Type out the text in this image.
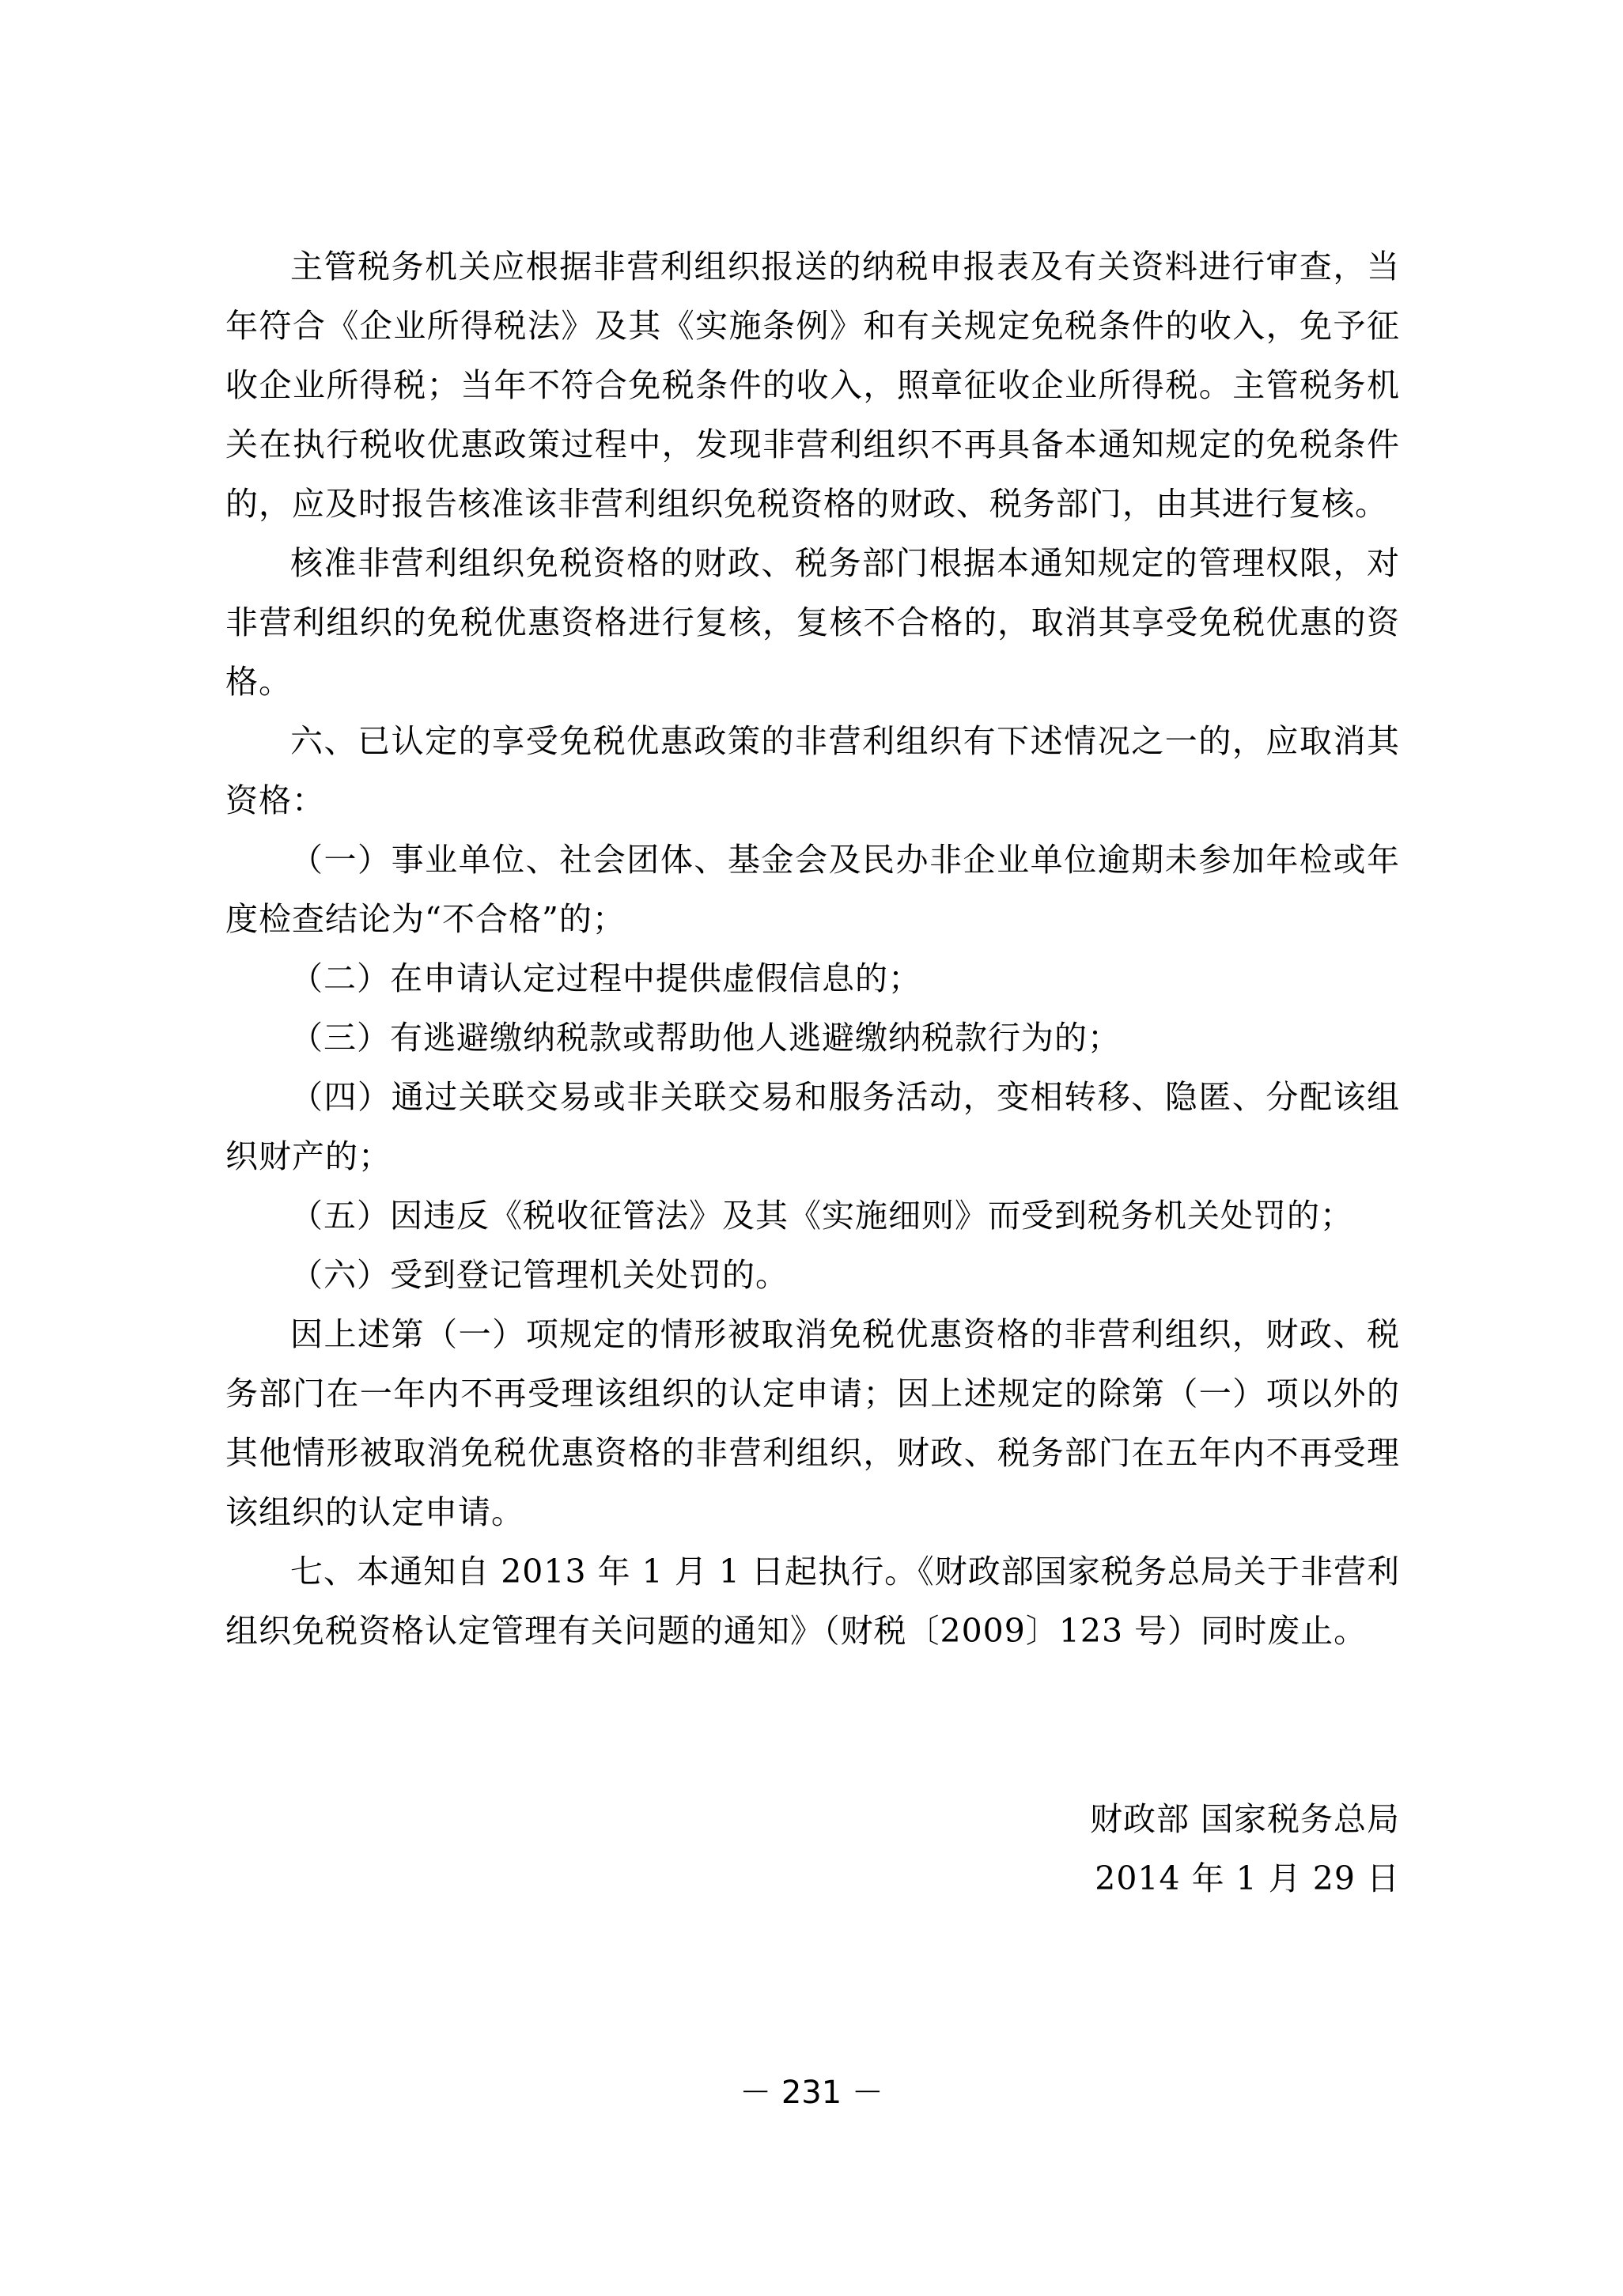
主管税务机关应根据非营利组织报送的纳税申报表及有关资料进行审查，当年符合《企业所得税法》及其《实施条例》和有关规定免税条件的收入，免予征收企业所得税；当年不符合免税条件的收入，照章征收企业所得税。主管税务机关在执行税收优惠政策过程中，发现非营利组织不再具备本通知规定的免税条件的，应及时报告核准该非营利组织免税资格的财政、税务部门，由其进行复核。

核准非营利组织免税资格的财政、税务部门根据本通知规定的管理权限，对非营利组织的免税优惠资格进行复核，复核不合格的，取消其享受免税优惠的资格。

六、已认定的享受免税优惠政策的非营利组织有下述情况之一的，应取消其资格：

（一）事业单位、社会团体、基金会及民办非企业单位逾期未参加年检或年度检查结论为“不合格”的；

（二）在申请认定过程中提供虚假信息的；

（三）有逃避缴纳税款或帮助他人逃避缴纳税款行为的；

（四）通过关联交易或非关联交易和服务活动，变相转移、隐匿、分配该组织财产的；

（五）因违反《税收征管法》及其《实施细则》而受到税务机关处罚的；

（六）受到登记管理机关处罚的。

因上述第（一）项规定的情形被取消免税优惠资格的非营利组织，财政、税务部门在一年内不再受理该组织的认定申请；因上述规定的除第（一）项以外的其他情形被取消免税优惠资格的非营利组织，财政、税务部门在五年内不再受理该组织的认定申请。

七、本通知自 2013 年 1 月 1 日起执行。《财政部国家税务总局关于非营利组织免税资格认定管理有关问题的通知》（财税〔2009〕123 号）同时废止。

财政部 国家税务总局

2014 年 1 月 29 日

－ 231 －
